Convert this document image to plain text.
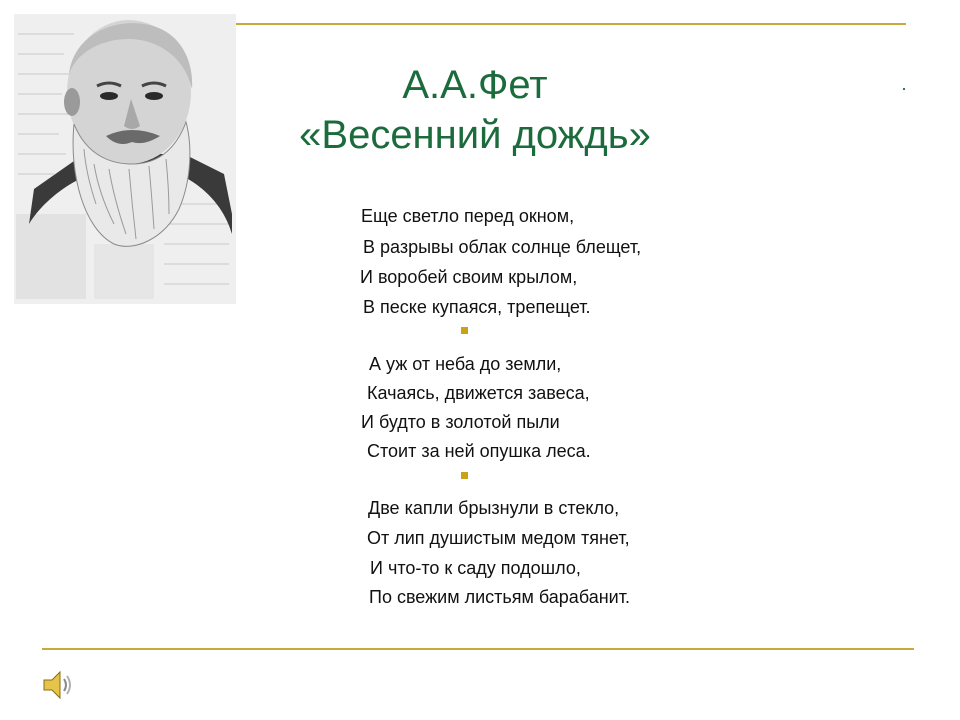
А.А.Фет
«Весенний дождь»
Еще светло перед окном,
В разрывы облак солнце блещет,
И воробей своим крылом,
В песке купаяся, трепещет.
А уж от неба до земли,
Качаясь, движется завеса,
И будто в золотой пыли
Стоит за ней опушка леса.
Две капли брызнули в стекло,
От лип душистым медом тянет,
И что-то к саду подошло,
По свежим листьям барабанит.
